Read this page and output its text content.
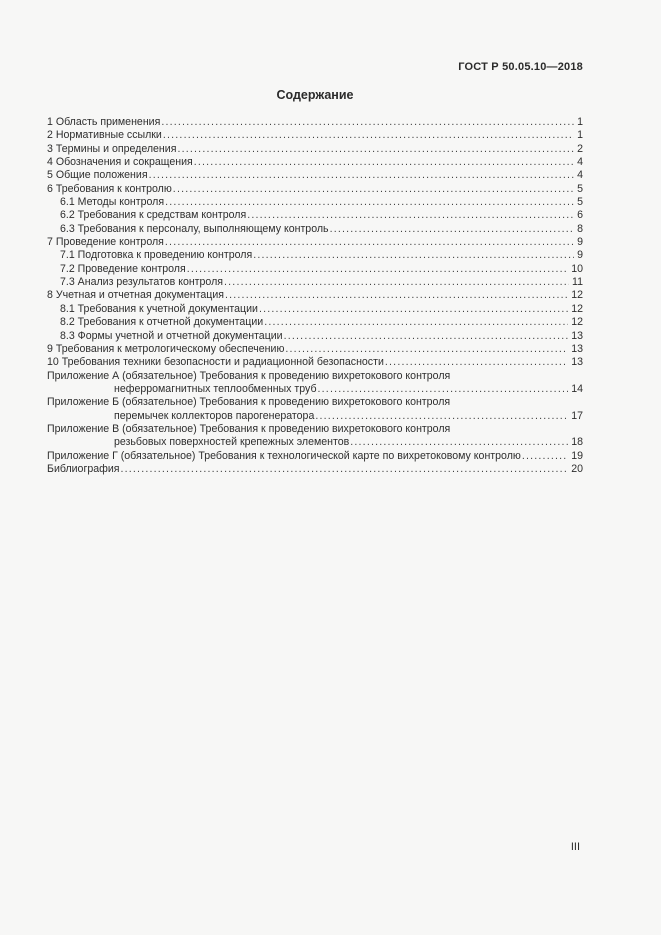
ГОСТ Р 50.05.10—2018
Содержание
1 Область применения .....	1
2 Нормативные ссылки .....	1
3 Термины и определения .....	2
4 Обозначения и сокращения .....	4
5 Общие положения .....	4
6 Требования к контролю .....	5
6.1 Методы контроля .....	5
6.2 Требования к средствам контроля .....	6
6.3 Требования к персоналу, выполняющему контроль .....	8
7 Проведение контроля .....	9
7.1 Подготовка к проведению контроля .....	9
7.2 Проведение контроля .....	10
7.3 Анализ результатов контроля .....	11
8 Учетная и отчетная документация .....	12
8.1 Требования к учетной документации .....	12
8.2 Требования к отчетной документации .....	12
8.3 Формы учетной и отчетной документации .....	13
9 Требования к метрологическому обеспечению .....	13
10 Требования техники безопасности и радиационной безопасности .....	13
Приложение А (обязательное) Требования к проведению вихретокового контроля
неферромагнитных теплообменных труб .....	14
Приложение Б (обязательное) Требования к проведению вихретокового контроля
перемычек коллекторов парогенератора .....	17
Приложение В (обязательное) Требования к проведению вихретокового контроля
резьбовых поверхностей крепежных элементов .....	18
Приложение Г (обязательное) Требования к технологической карте по вихретоковому контролю .....	19
Библиография .....	20
III
